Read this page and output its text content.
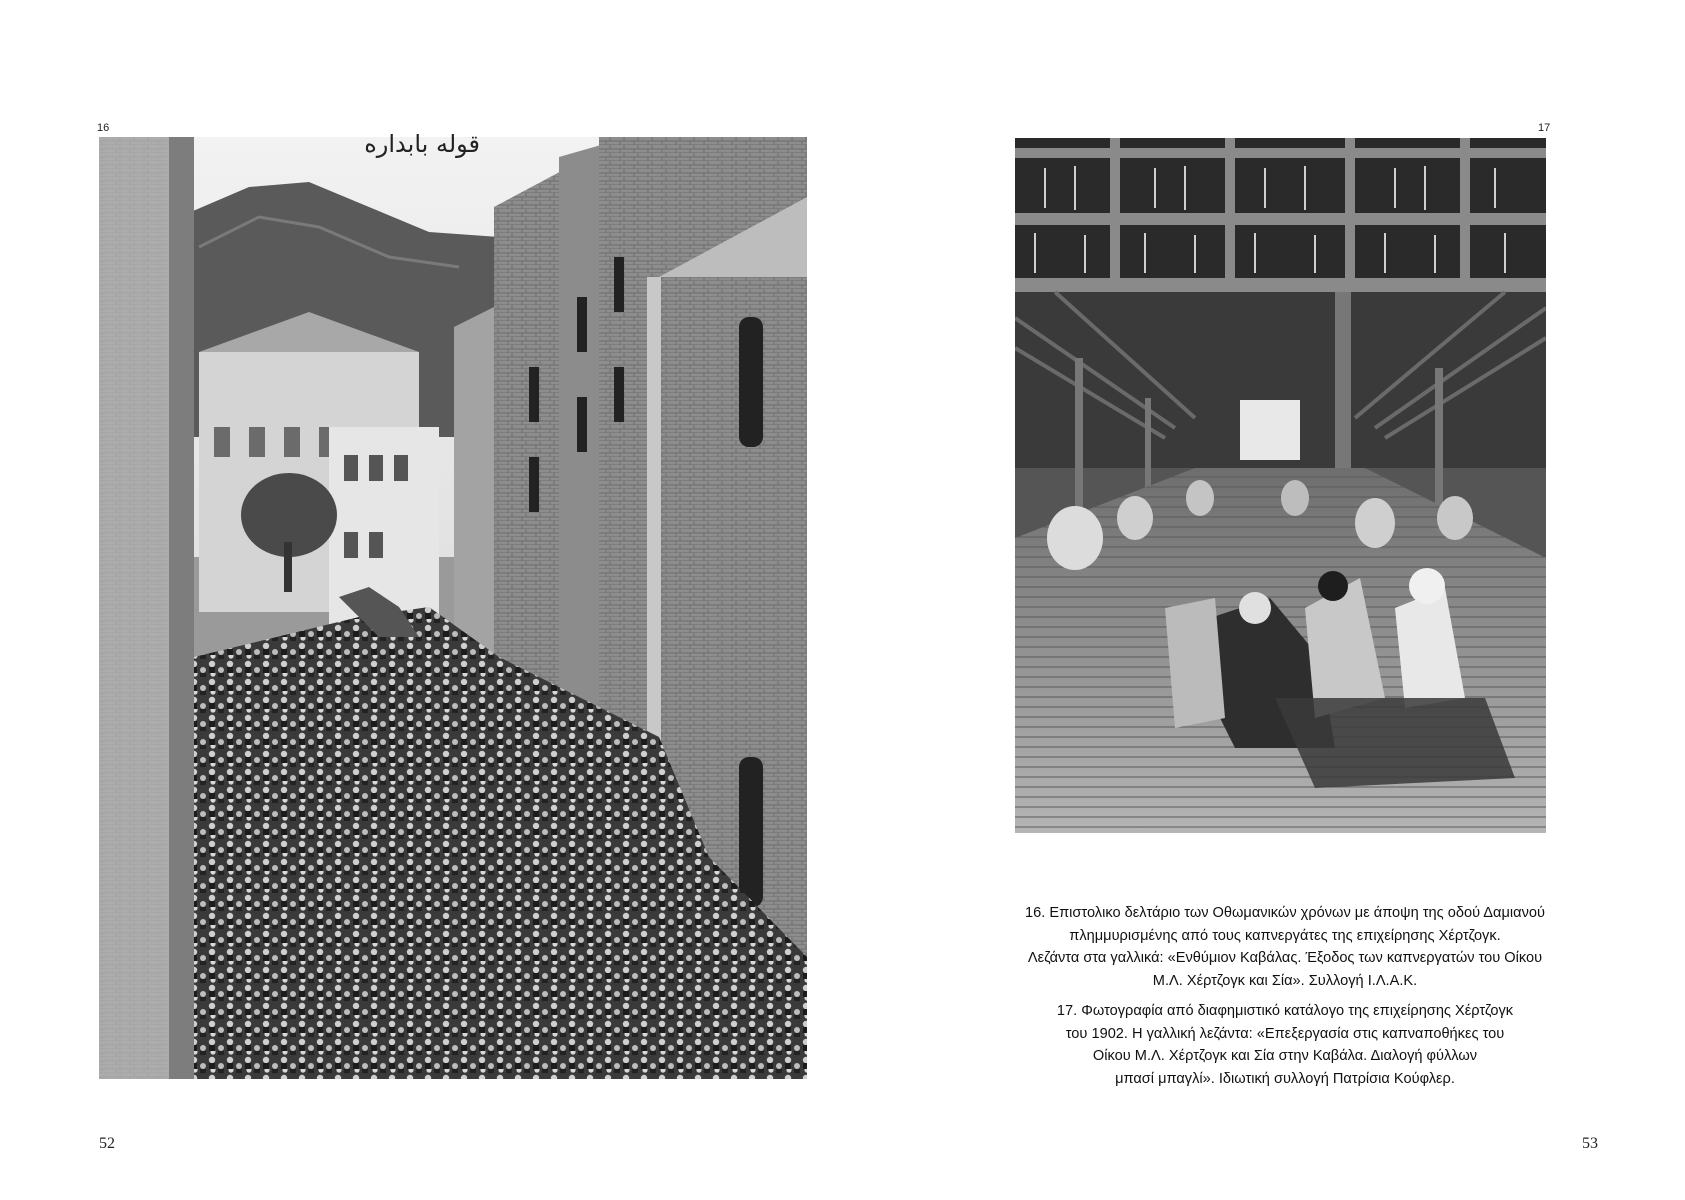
16
قوله بابداره
52
17

16. Επιστολικο δελτάριο των Οθωμανικών χρόνων με άποψη της οδού Δαμιανού
πλημμυρισμένης από τους καπνεργάτες της επιχείρησης Χέρτζογκ.
Λεζάντα στα γαλλικά: «Ενθύμιον Καβάλας. Έξοδος των καπνεργατών του Οίκου
Μ.Λ. Χέρτζογκ και Σία». Συλλογή Ι.Λ.Α.Κ.

17. Φωτογραφία από διαφημιστικό κατάλογο της επιχείρησης Χέρτζογκ
του 1902. Η γαλλική λεζάντα: «Επεξεργασία στις καπναποθήκες του
Οίκου Μ.Λ. Χέρτζογκ και Σία στην Καβάλα. Διαλογή φύλλων
μπασί μπαγλί». Ιδιωτική συλλογή Πατρίσια Κούφλερ.

53
